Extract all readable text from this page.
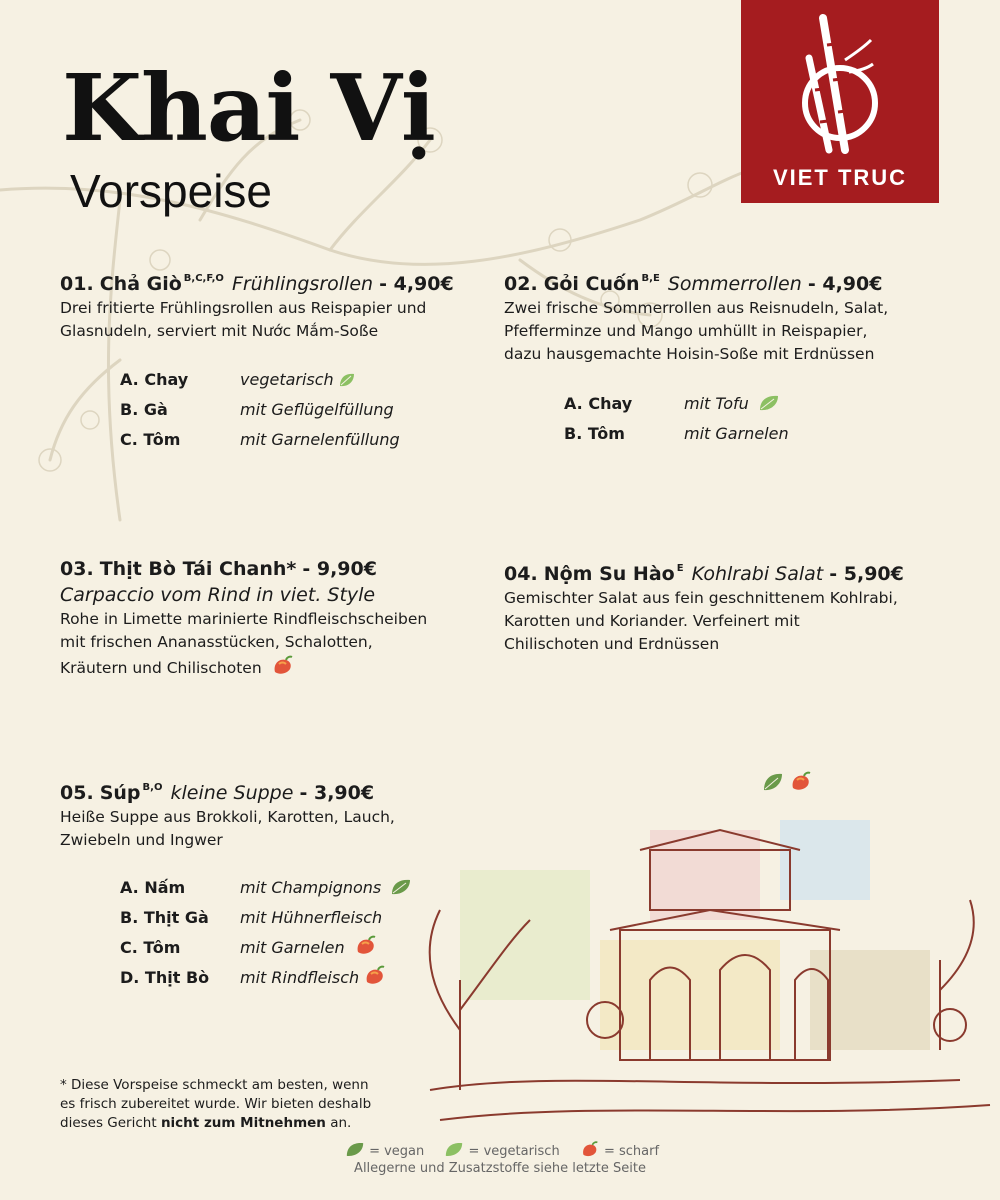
Khai Vị
Vorspeise	VIET TRUC
01. Chả Giò $^{B,C,F,O}$ Frühlingsrollen - 4,90€
Drei fritierte Frühlingsrollen aus Reispapier und
Glasnudeln, serviert mit Nước Mắm-Soße
A. Chay	vegetarisch
B. Gà	mit Geflügelfüllung
C. Tôm	mit Garnelenfüllung
02. Gỏi Cuốn $^{B,E}$ Sommerrollen - 4,90€
Zwei frische Sommerrollen aus Reisnudeln, Salat,
Pfefferminze und Mango umhüllt in Reispapier,
dazu hausgemachte Hoisin-Soße mit Erdnüssen
A. Chay	mit Tofu
B. Tôm	mit Garnelen
03. Thịt Bò Tái Chanh* - 9,90€
Carpaccio vom Rind in viet. Style
Rohe in Limette marinierte Rindfleischscheiben
mit frischen Ananasstücken, Schalotten,
Kräutern und Chilischoten
04. Nộm Su Hào $^E$ Kohlrabi Salat - 5,90€
Gemischter Salat aus fein geschnittenem Kohlrabi,
Karotten und Koriander. Verfeinert mit
Chilischoten und Erdnüssen

05. Súp $^{B,O}$ kleine Suppe - 3,90€
Heiße Suppe aus Brokkoli, Karotten, Lauch,
Zwiebeln und Ingwer
A. Nấm	mit Champignons
B. Thịt Gà mit Hühnerfleisch
C. Tôm	mit Garnelen
D. Thịt Bò mit Rindfleisch
* Diese Vorspeise schmeckt am besten, wenn
es frisch zubereitet wurde. Wir bieten deshalb
dieses Gericht nicht zum Mitnehmen an.
= vegan	= vegetarisch	= scharf
Allegerne und Zusatzstoffe siehe letzte Seite
